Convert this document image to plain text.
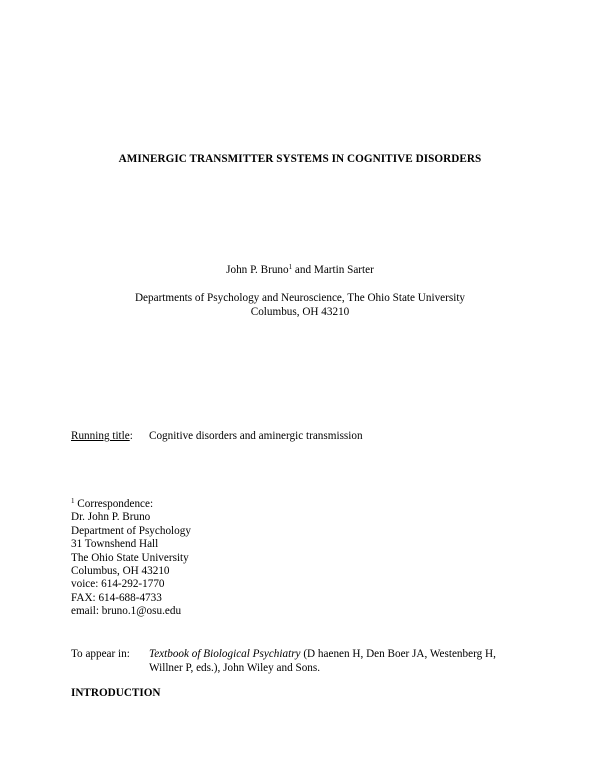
AMINERGIC TRANSMITTER SYSTEMS IN COGNITIVE DISORDERS
John P. Bruno$^1$ and Martin Sarter
Departments of Psychology and Neuroscience, The Ohio State University
Columbus, OH 43210
Running title: Cognitive disorders and aminergic transmission
$^1$ Correspondence:
Dr. John P. Bruno
Department of Psychology
31 Townshend Hall
The Ohio State University
Columbus, OH 43210
voice: 614-292-1770
FAX: 614-688-4733
email: bruno.1@osu.edu
To appear in: Textbook of Biological Psychiatry (D haenen H, Den Boer JA, Westenberg H,
Willner P, eds.), John Wiley and Sons.
INTRODUCTION
